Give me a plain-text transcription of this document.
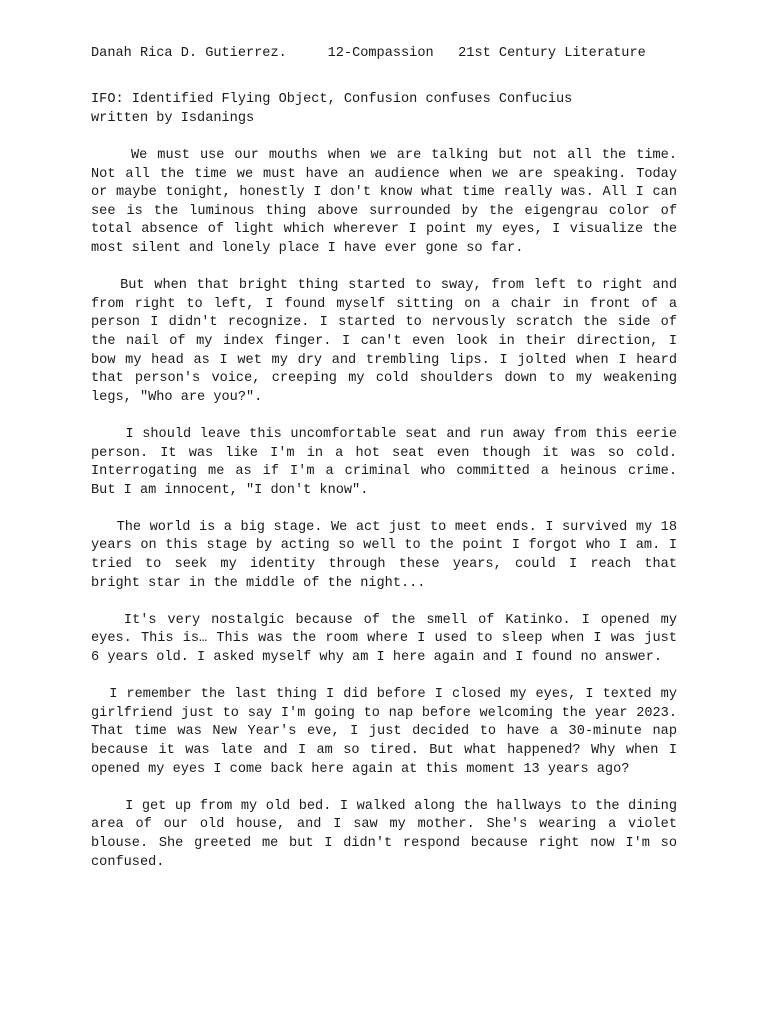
Danah Rica D. Gutierrez.	12-Compassion 21st Century Literature
IFO: Identified Flying Object, Confusion confuses Confucius
written by Isdanings

We must use our mouths when we are talking but not all the time. Not all the time we must have an audience when we are speaking. Today or maybe tonight, honestly I don't know what time really was. All I can see is the luminous thing above surrounded by the eigengrau color of total absence of light which wherever I point my eyes, I visualize the most silent and lonely place I have ever gone so far.

But when that bright thing started to sway, from left to right and from right to left, I found myself sitting on a chair in front of a person I didn't recognize. I started to nervously scratch the side of the nail of my index finger. I can't even look in their direction, I bow my head as I wet my dry and trembling lips. I jolted when I heard that person's voice, creeping my cold shoulders down to my weakening legs, "Who are you?".

I should leave this uncomfortable seat and run away from this eerie person. It was like I'm in a hot seat even though it was so cold. Interrogating me as if I'm a criminal who committed a heinous crime. But I am innocent, "I don't know".

The world is a big stage. We act just to meet ends. I survived my 18 years on this stage by acting so well to the point I forgot who I am. I tried to seek my identity through these years, could I reach that bright star in the middle of the night...

It's very nostalgic because of the smell of Katinko. I opened my eyes. This is… This was the room where I used to sleep when I was just 6 years old. I asked myself why am I here again and I found no answer.

I remember the last thing I did before I closed my eyes, I texted my girlfriend just to say I'm going to nap before welcoming the year 2023. That time was New Year's eve, I just decided to have a 30-minute nap because it was late and I am so tired. But what happened? Why when I opened my eyes I come back here again at this moment 13 years ago?

I get up from my old bed. I walked along the hallways to the dining area of our old house, and I saw my mother. She's wearing a violet blouse. She greeted me but I didn't respond because right now I'm so confused.
